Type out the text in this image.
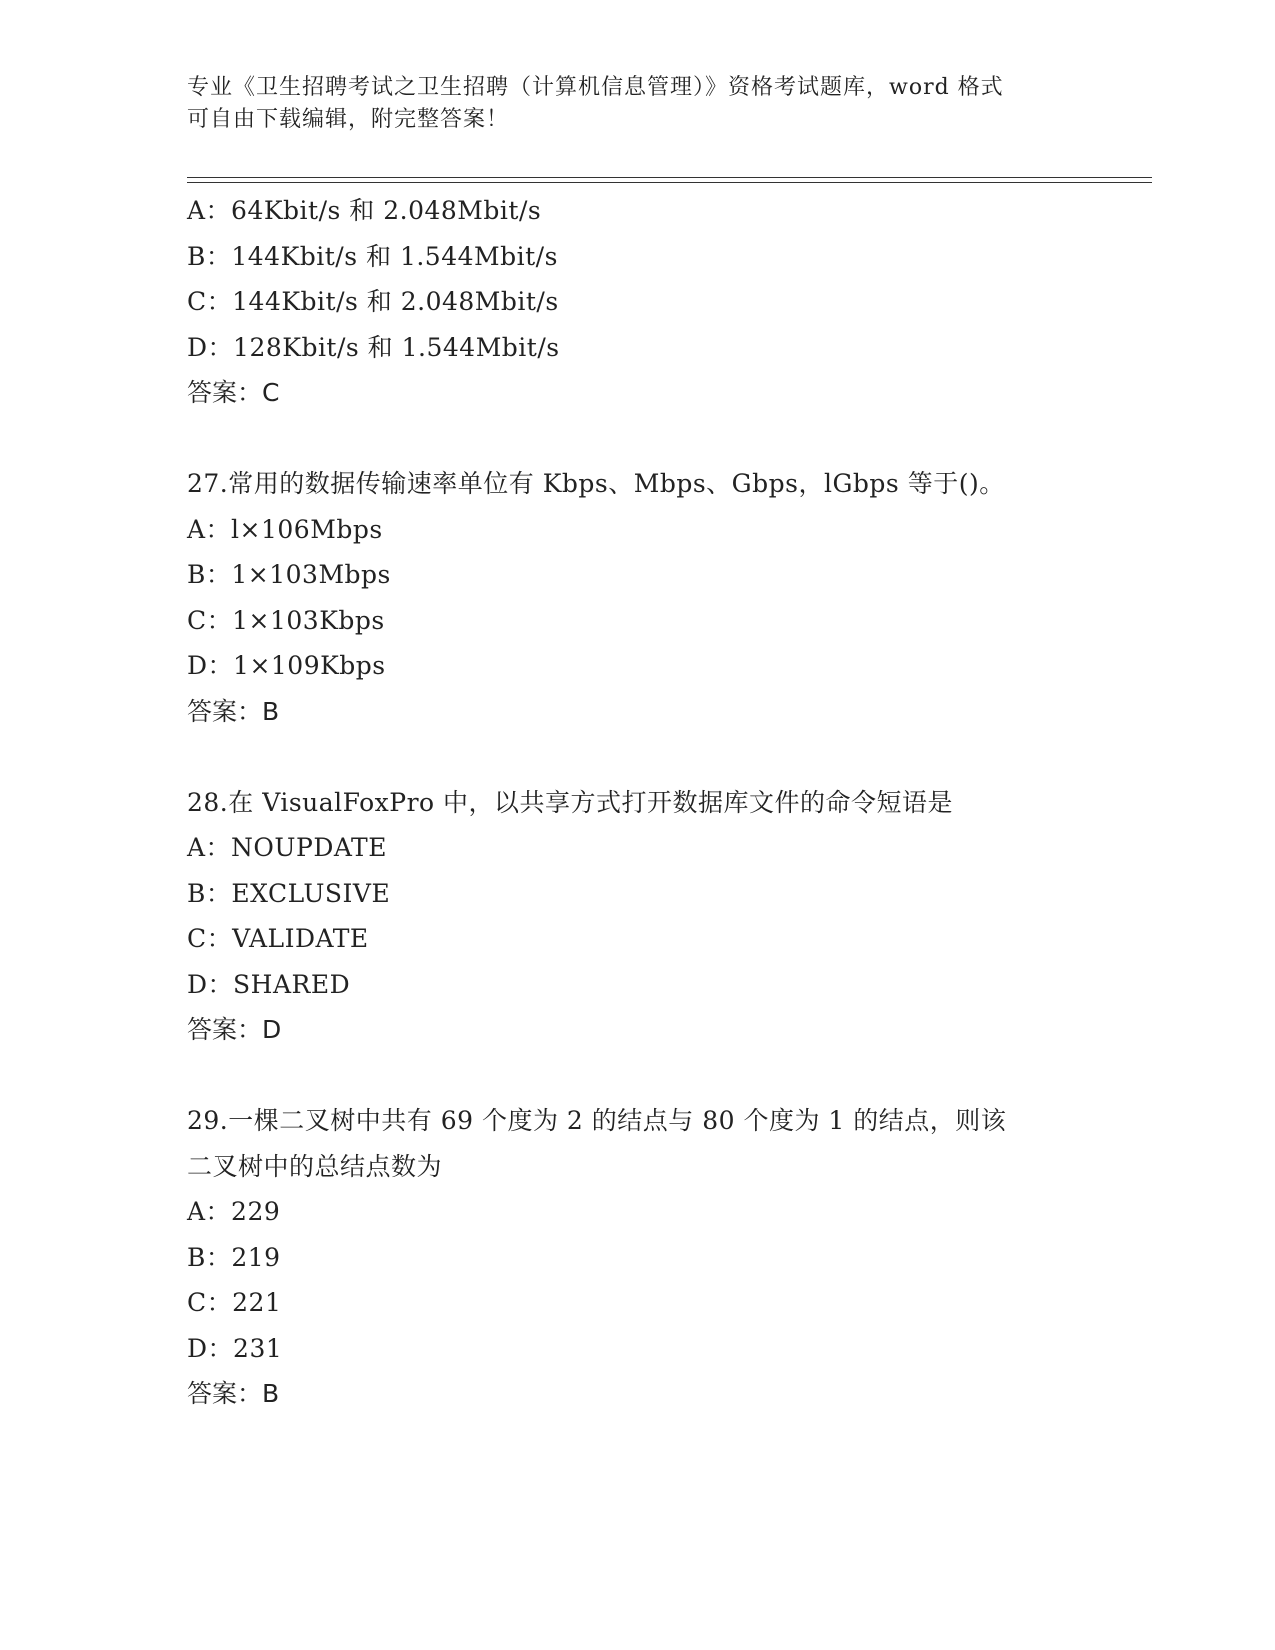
专业《卫生招聘考试之卫生招聘（计算机信息管理）》资格考试题库，word 格式
可自由下载编辑，附完整答案！
A：64Kbit/s 和 2.048Mbit/s
B：144Kbit/s 和 1.544Mbit/s
C：144Kbit/s 和 2.048Mbit/s
D：128Kbit/s 和 1.544Mbit/s
答案：C
27.常用的数据传输速率单位有 Kbps、Mbps、Gbps，lGbps 等于()。
A：l×106Mbps
B：1×103Mbps
C：1×103Kbps
D：1×109Kbps
答案：B
28.在 VisualFoxPro 中，以共享方式打开数据库文件的命令短语是
A：NOUPDATE
B：EXCLUSIVE
C：VALIDATE
D：SHARED
答案：D
29.一棵二叉树中共有 69 个度为 2 的结点与 80 个度为 1 的结点，则该
二叉树中的总结点数为
A：229
B：219
C：221
D：231
答案：B
